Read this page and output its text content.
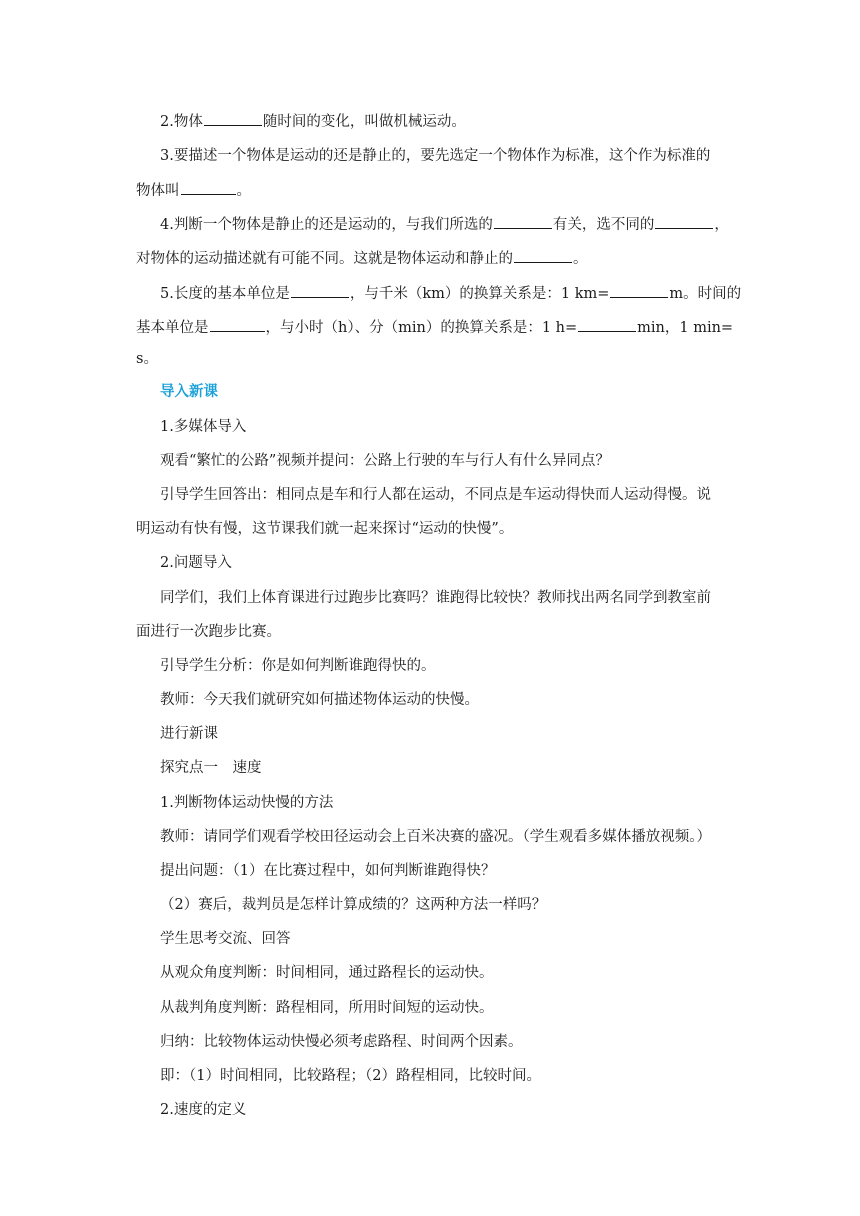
2.物体	随时间的变化，叫做机械运动。
3.要描述一个物体是运动的还是静止的，要先选定一个物体作为标准，这个作为标准的
物体叫	。
4.判断一个物体是静止的还是运动的，与我们所选的	有关，选不同的	，
对物体的运动描述就有可能不同。这就是物体运动和静止的	。
5.长度的基本单位是	，与千米（km）的换算关系是：1 km=	m。时间的
基本单位是	，与小时（h）、分（min）的换算关系是：1 h=	min，1 min=
s。
导入新课
1.多媒体导入
观看“繁忙的公路”视频并提问：公路上行驶的车与行人有什么异同点？
引导学生回答出：相同点是车和行人都在运动，不同点是车运动得快而人运动得慢。说
明运动有快有慢，这节课我们就一起来探讨“运动的快慢”。
2.问题导入
同学们，我们上体育课进行过跑步比赛吗？谁跑得比较快？教师找出两名同学到教室前
面进行一次跑步比赛。
引导学生分析：你是如何判断谁跑得快的。
教师：今天我们就研究如何描述物体运动的快慢。
进行新课
探究点一　速度
1.判断物体运动快慢的方法
教师：请同学们观看学校田径运动会上百米决赛的盛况。（学生观看多媒体播放视频。）
提出问题：（1）在比赛过程中，如何判断谁跑得快？
（2）赛后，裁判员是怎样计算成绩的？这两种方法一样吗？
学生思考交流、回答
从观众角度判断：时间相同，通过路程长的运动快。
从裁判角度判断：路程相同，所用时间短的运动快。
归纳：比较物体运动快慢必须考虑路程、时间两个因素。
即：（1）时间相同，比较路程；（2）路程相同，比较时间。
2.速度的定义
